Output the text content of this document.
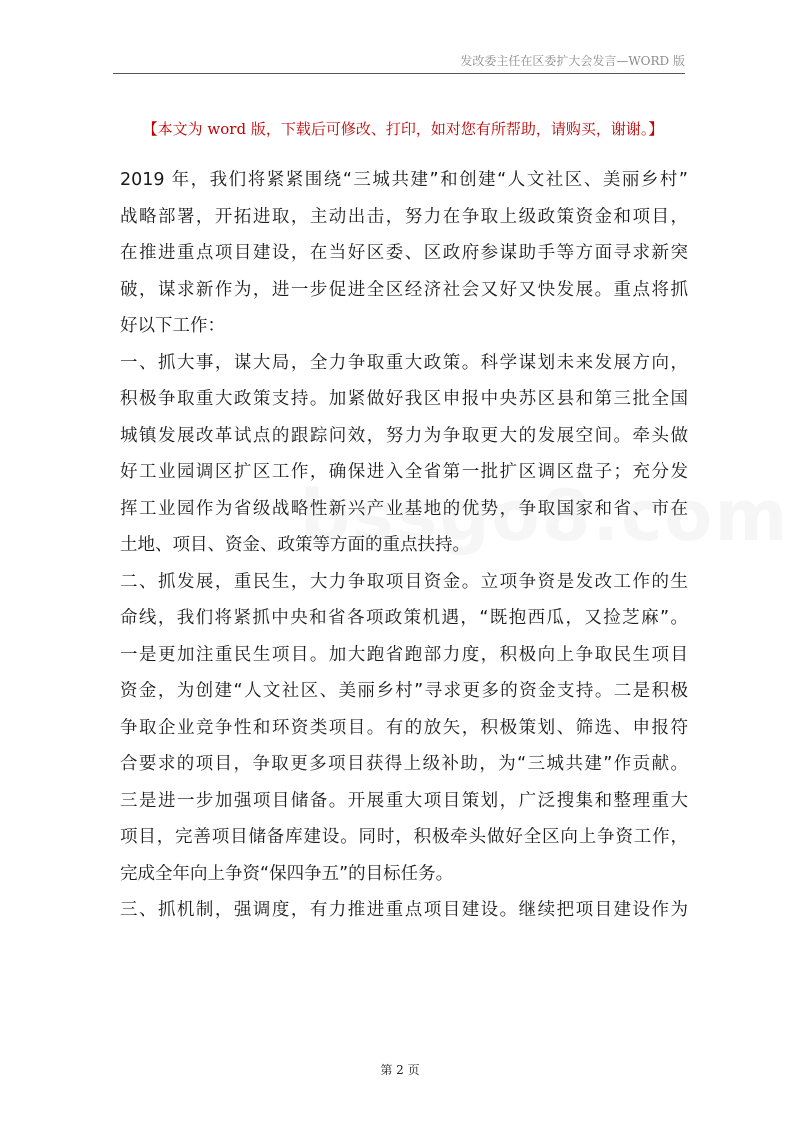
发改委主任在区委扩大会发言—WORD 版
【本文为 word 版，下载后可修改、打印，如对您有所帮助，请购买，谢谢。】
2019 年，我们将紧紧围绕“三城共建”和创建“人文社区、美丽乡村”
战略部署，开拓进取，主动出击，努力在争取上级政策资金和项目，
在推进重点项目建设，在当好区委、区政府参谋助手等方面寻求新突
破，谋求新作为，进一步促进全区经济社会又好又快发展。重点将抓
好以下工作：
一、抓大事，谋大局，全力争取重大政策。科学谋划未来发展方向，
积极争取重大政策支持。加紧做好我区申报中央苏区县和第三批全国
城镇发展改革试点的跟踪问效，努力为争取更大的发展空间。牵头做
好工业园调区扩区工作，确保进入全省第一批扩区调区盘子；充分发
挥工业园作为省级战略性新兴产业基地的优势，争取国家和省、市在
土地、项目、资金、政策等方面的重点扶持。
二、抓发展，重民生，大力争取项目资金。立项争资是发改工作的生
命线，我们将紧抓中央和省各项政策机遇，“既抱西瓜，又捡芝麻”。
一是更加注重民生项目。加大跑省跑部力度，积极向上争取民生项目
资金，为创建“人文社区、美丽乡村”寻求更多的资金支持。二是积极
争取企业竞争性和环资类项目。有的放矢，积极策划、筛选、申报符
合要求的项目，争取更多项目获得上级补助，为“三城共建”作贡献。
三是进一步加强项目储备。开展重大项目策划，广泛搜集和整理重大
项目，完善项目储备库建设。同时，积极牵头做好全区向上争资工作，
完成全年向上争资“保四争五”的目标任务。
三、抓机制，强调度，有力推进重点项目建设。继续把项目建设作为
第 2 页
